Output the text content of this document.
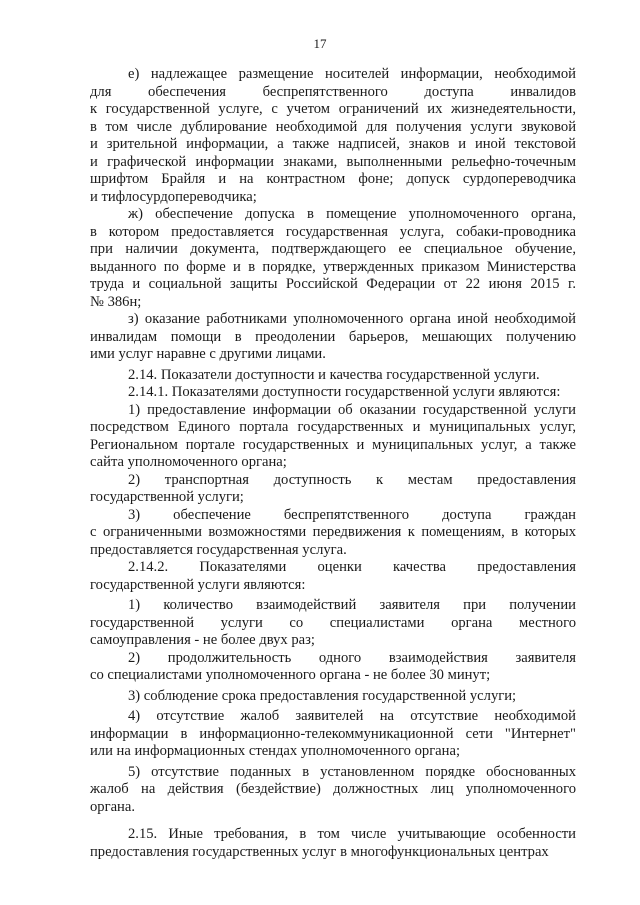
17

е) надлежащее размещение носителей информации, необходимой
для обеспечения беспрепятственного доступа инвалидов
к государственной услуге, с учетом ограничений их жизнедеятельности,
в том числе дублирование необходимой для получения услуги звуковой
и зрительной информации, а также надписей, знаков и иной текстовой
и графической информации знаками, выполненными рельефно-точечным
шрифтом Брайля и на контрастном фоне; допуск сурдопереводчика
и тифлосурдопереводчика;

ж) обеспечение допуска в помещение уполномоченного органа,
в котором предоставляется государственная услуга, собаки-проводника
при наличии документа, подтверждающего ее специальное обучение,
выданного по форме и в порядке, утвержденных приказом Министерства
труда и социальной защиты Российской Федерации от 22 июня 2015 г.
№ 386н;

з) оказание работниками уполномоченного органа иной необходимой
инвалидам помощи в преодолении барьеров, мешающих получению
ими услуг наравне с другими лицами.

2.14. Показатели доступности и качества государственной услуги.

2.14.1. Показателями доступности государственной услуги являются:

1) предоставление информации об оказании государственной услуги
посредством Единого портала государственных и муниципальных услуг,
Региональном портале государственных и муниципальных услуг, а также
сайта уполномоченного органа;

2) транспортная доступность к местам предоставления
государственной услуги;

3) обеспечение беспрепятственного доступа граждан
с ограниченными возможностями передвижения к помещениям, в которых
предоставляется государственная услуга.

2.14.2. Показателями оценки качества предоставления
государственной услуги являются:

1) количество взаимодействий заявителя при получении
государственной услуги со специалистами органа местного
самоуправления - не более двух раз;

2) продолжительность одного взаимодействия заявителя
со специалистами уполномоченного органа - не более 30 минут;

3) соблюдение срока предоставления государственной услуги;

4) отсутствие жалоб заявителей на отсутствие необходимой
информации в информационно-телекоммуникационной сети "Интернет"
или на информационных стендах уполномоченного органа;

5) отсутствие поданных в установленном порядке обоснованных
жалоб на действия (бездействие) должностных лиц уполномоченного
органа.

2.15. Иные требования, в том числе учитывающие особенности
предоставления государственных услуг в многофункциональных центрах
